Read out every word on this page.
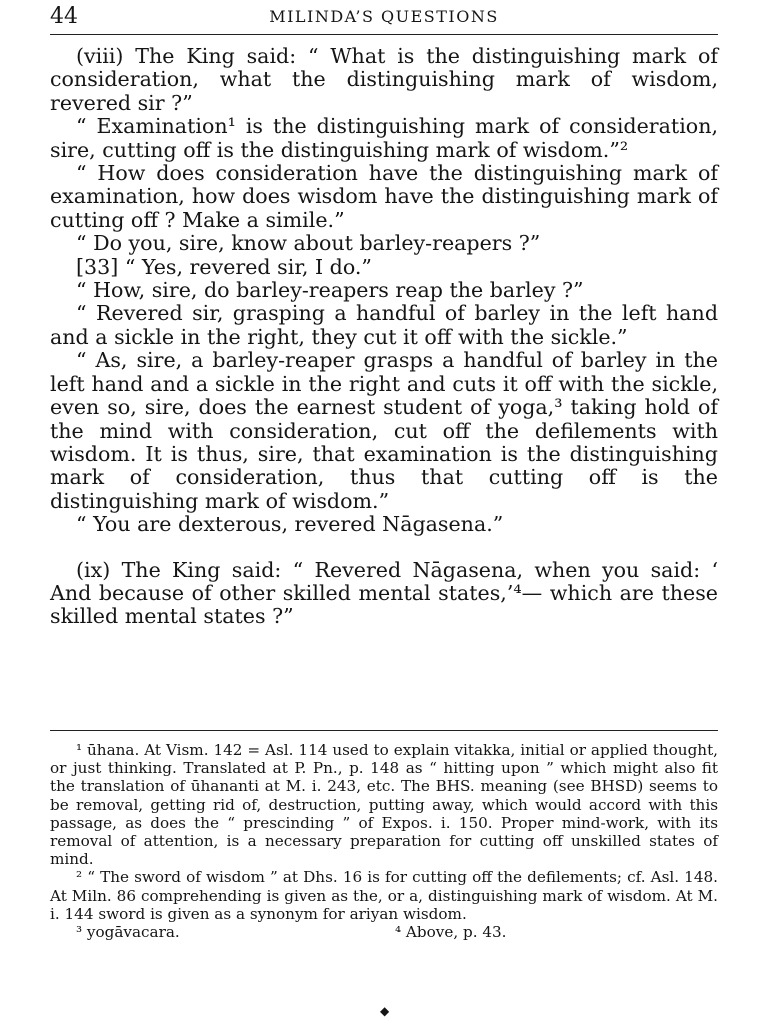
44	MILINDA’S QUESTIONS

(viii) The King said: “ What is the distinguishing mark of consideration, what the distinguishing mark of wisdom, revered sir ?”

“ Examination¹ is the distinguishing mark of consideration, sire, cutting off is the distinguishing mark of wisdom.”²

“ How does consideration have the distinguishing mark of examination, how does wisdom have the distinguishing mark of cutting off ? Make a simile.”

“ Do you, sire, know about barley-reapers ?”

[33] “ Yes, revered sir, I do.”

“ How, sire, do barley-reapers reap the barley ?”

“ Revered sir, grasping a handful of barley in the left hand and a sickle in the right, they cut it off with the sickle.”

“ As, sire, a barley-reaper grasps a handful of barley in the left hand and a sickle in the right and cuts it off with the sickle, even so, sire, does the earnest student of yoga,³ taking hold of the mind with consideration, cut off the defilements with wisdom. It is thus, sire, that examination is the distinguishing mark of consideration, thus that cutting off is the distinguishing mark of wisdom.”

“ You are dexterous, revered Nāgasena.”

(ix) The King said: “ Revered Nāgasena, when you said: ‘ And because of other skilled mental states,’⁴— which are these skilled mental states ?”

¹ ūhana. At Vism. 142 = Asl. 114 used to explain vitakka, initial or applied thought, or just thinking. Translated at P. Pn., p. 148 as “ hitting upon ” which might also fit the translation of ūhananti at M. i. 243, etc. The BHS. meaning (see BHSD) seems to be removal, getting rid of, destruction, putting away, which would accord with this passage, as does the “ prescinding ” of Expos. i. 150. Proper mind-work, with its removal of attention, is a necessary preparation for cutting off unskilled states of mind.

² “ The sword of wisdom ” at Dhs. 16 is for cutting off the defilements; cf. Asl. 148. At Miln. 86 comprehending is given as the, or a, distinguishing mark of wisdom. At M. i. 144 sword is given as a synonym for ariyan wisdom.

³ yogāvacara.	⁴ Above, p. 43.
◆
